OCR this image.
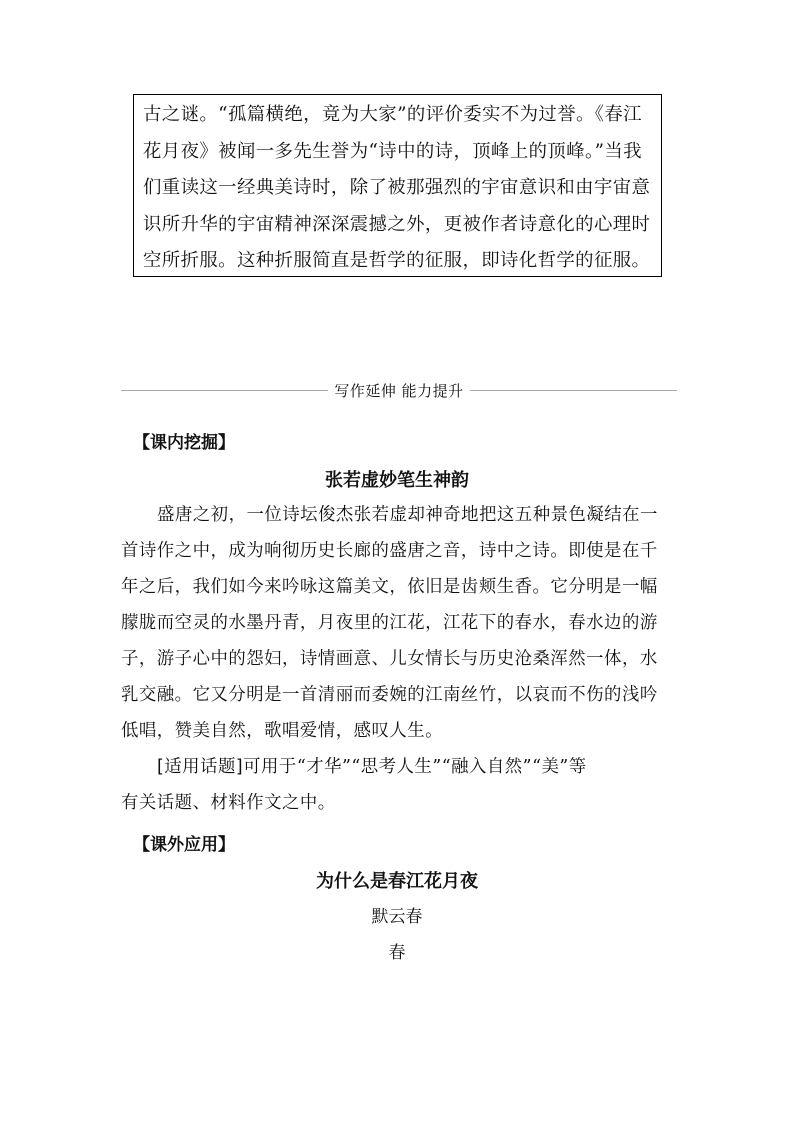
古之谜。“孤篇横绝，竟为大家”的评价委实不为过誉。《春江
花月夜》被闻一多先生誉为“诗中的诗，顶峰上的顶峰。”当我
们重读这一经典美诗时，除了被那强烈的宇宙意识和由宇宙意
识所升华的宇宙精神深深震撼之外，更被作者诗意化的心理时
空所折服。这种折服简直是哲学的征服，即诗化哲学的征服。
写作延伸 能力提升
【课内挖掘】
张若虚妙笔生神韵
盛唐之初，一位诗坛俊杰张若虚却神奇地把这五种景色凝结在一
首诗作之中，成为响彻历史长廊的盛唐之音，诗中之诗。即使是在千
年之后，我们如今来吟咏这篇美文，依旧是齿颊生香。它分明是一幅
朦胧而空灵的水墨丹青，月夜里的江花，江花下的春水，春水边的游
子，游子心中的怨妇，诗情画意、儿女情长与历史沧桑浑然一体，水
乳交融。它又分明是一首清丽而委婉的江南丝竹，以哀而不伤的浅吟
低唱，赞美自然，歌唱爱情，感叹人生。
[适用话题]可用于“才华”“思考人生”“融入自然”“美”等
有关话题、材料作文之中。
【课外应用】
为什么是春江花月夜
默云春
春
